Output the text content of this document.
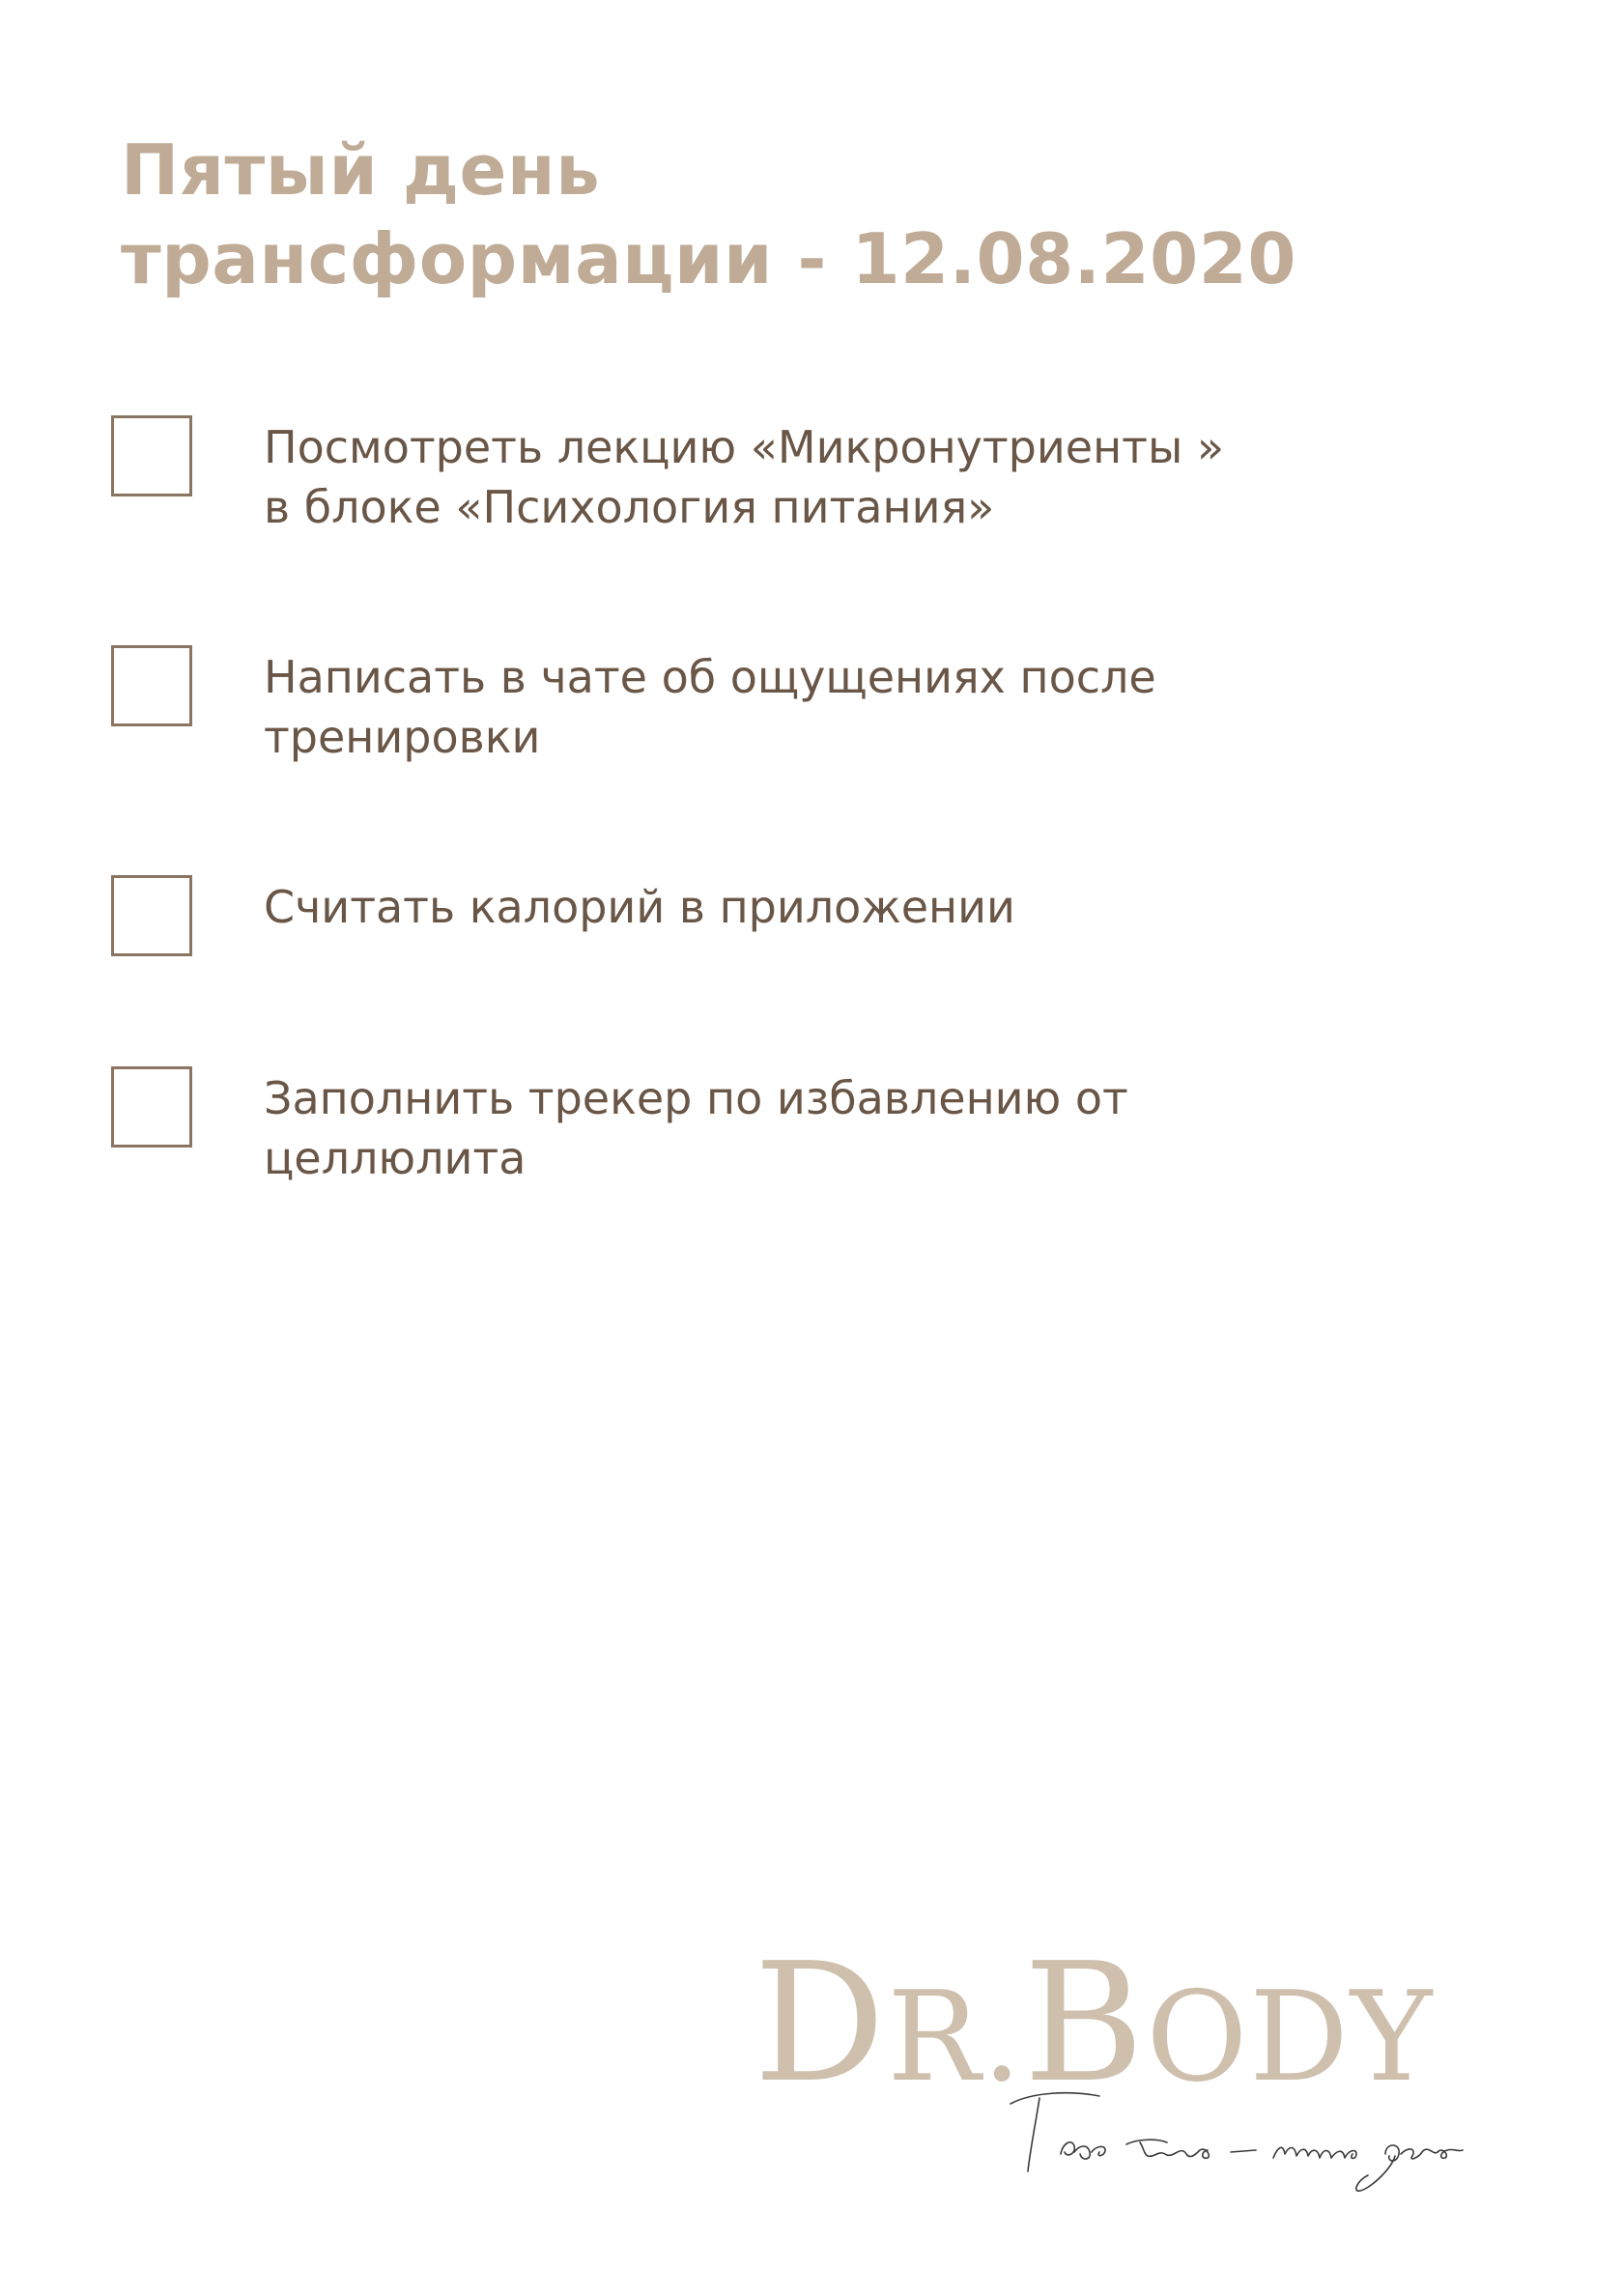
Пятый день
трансформации - 12.08.2020

Посмотреть лекцию «Микронутриенты »
в блоке «Психология питания»

Написать в чате об ощущениях после
тренировки

Считать калорий в приложении

Заполнить трекер по избавлению от
целлюлита

DR.BODY
